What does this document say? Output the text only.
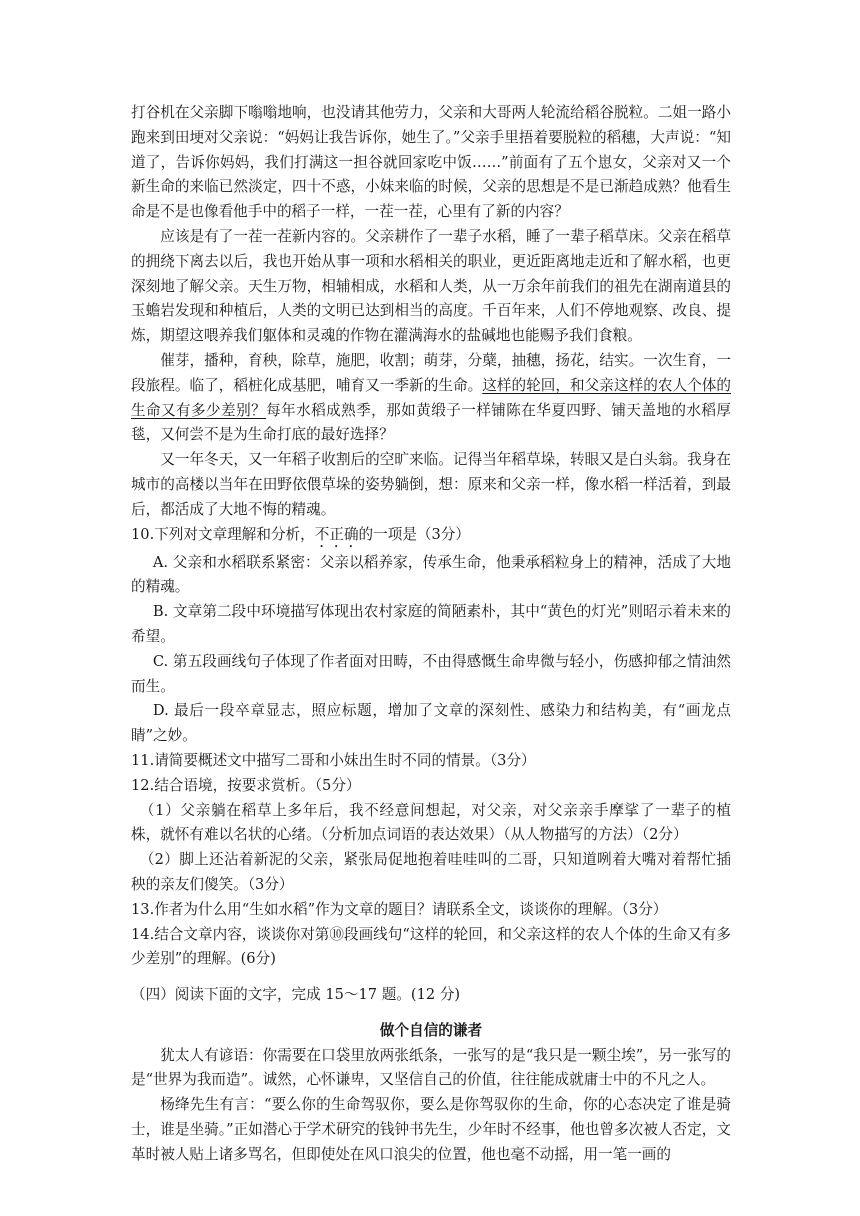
打谷机在父亲脚下嗡嗡地响，也没请其他劳力，父亲和大哥两人轮流给稻谷脱粒。二姐一路小跑来到田埂对父亲说：“妈妈让我告诉你，她生了。”父亲手里捂着要脱粒的稻穗，大声说：“知道了，告诉你妈妈，我们打满这一担谷就回家吃中饭……”前面有了五个崽女，父亲对又一个新生命的来临已然淡定，四十不惑，小妹来临的时候，父亲的思想是不是已渐趋成熟？他看生命是不是也像看他手中的稻子一样，一茬一茬，心里有了新的内容？

应该是有了一茬一茬新内容的。父亲耕作了一辈子水稻，睡了一辈子稻草床。父亲在稻草的拥绕下离去以后，我也开始从事一项和水稻相关的职业，更近距离地走近和了解水稻，也更深刻地了解父亲。天生万物，相辅相成，水稻和人类，从一万余年前我们的祖先在湖南道县的玉蟾岩发现和种植后，人类的文明已达到相当的高度。千百年来，人们不停地观察、改良、提炼，期望这喂养我们躯体和灵魂的作物在灌满海水的盐碱地也能赐予我们食粮。

催芽，播种，育秧，除草，施肥，收割；萌芽，分蘖，抽穗，扬花，结实。一次生育，一段旅程。临了，稻桩化成基肥，哺育又一季新的生命。这样的轮回，和父亲这样的农人个体的生命又有多少差别？每年水稻成熟季，那如黄缎子一样铺陈在华夏四野、铺天盖地的水稻厚毯，又何尝不是为生命打底的最好选择？

又一年冬天，又一年稻子收割后的空旷来临。记得当年稻草垛，转眼又是白头翁。我身在城市的高楼以当年在田野依偎草垛的姿势躺倒，想：原来和父亲一样，像水稻一样活着，到最后，都活成了大地不悔的精魂。

10.下列对文章理解和分析，不正确的一项是（3分）

A. 父亲和水稻联系紧密：父亲以稻养家，传承生命，他秉承稻粒身上的精神，活成了大地的精魂。

B. 文章第二段中环境描写体现出农村家庭的简陋素朴，其中“黄色的灯光”则昭示着未来的希望。

C. 第五段画线句子体现了作者面对田畴，不由得感慨生命卑微与轻小，伤感抑郁之情油然而生。

D. 最后一段卒章显志，照应标题，增加了文章的深刻性、感染力和结构美，有“画龙点睛”之妙。

11.请简要概述文中描写二哥和小妹出生时不同的情景。（3分）

12.结合语境，按要求赏析。（5分）

（1）父亲躺在稻草上多年后，我不经意间想起，对父亲，对父亲亲手摩挲了一辈子的植株，就怀有难以名状的心绪。（分析加点词语的表达效果）（从人物描写的方法）（2分）

（2）脚上还沾着新泥的父亲，紧张局促地抱着哇哇叫的二哥，只知道咧着大嘴对着帮忙插秧的亲友们傻笑。（3分）

13.作者为什么用“生如水稻”作为文章的题目？请联系全文，谈谈你的理解。（3分）

14.结合文章内容，谈谈你对第⑩段画线句“这样的轮回，和父亲这样的农人个体的生命又有多少差别”的理解。(6分)

（四）阅读下面的文字，完成 15～17 题。(12 分)

做个自信的谦者

犹太人有谚语：你需要在口袋里放两张纸条，一张写的是“我只是一颗尘埃”，另一张写的是“世界为我而造”。诚然，心怀谦卑，又坚信自己的价值，往往能成就庸士中的不凡之人。

杨绛先生有言：“要么你的生命驾驭你，要么是你驾驭你的生命，你的心态决定了谁是骑士，谁是坐骑。”正如潜心于学术研究的钱钟书先生，少年时不经事，他也曾多次被人否定，文革时被人贴上诸多骂名，但即使处在风口浪尖的位置，他也毫不动摇，用一笔一画的
